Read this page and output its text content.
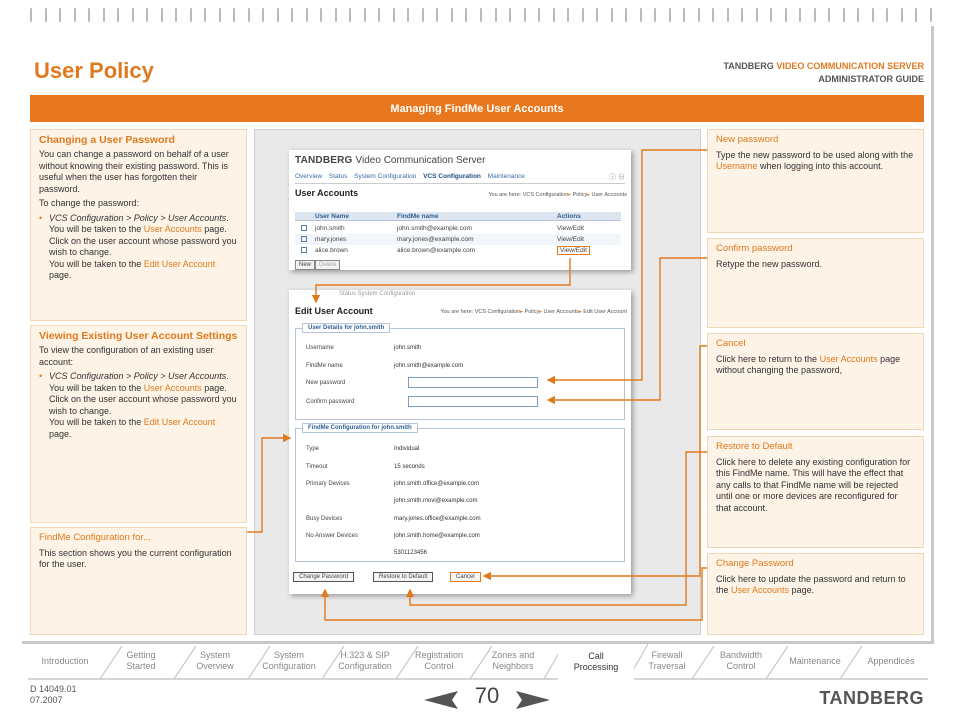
User Policy	TANDBERG VIDEO COMMUNICATION SERVER
ADMINISTRATOR GUIDE
Managing FindMe User Accounts
Changing a User Password

You can change a password on behalf of a user without knowing their existing password. This is useful when the user has forgotten their password.

To change the password:

• VCS Configuration > Policy > User Accounts.
You will be taken to the User Accounts page.
Click on the user account whose password you wish to change.
You will be taken to the Edit User Account page.
Viewing Existing User Account Settings

To view the configuration of an existing user account:

• VCS Configuration > Policy > User Accounts.
You will be taken to the User Accounts page.
Click on the user account whose password you wish to change.
You will be taken to the Edit User Account page.
FindMe Configuration for...

This section shows you the current configuration for the user.

TANDBERG Video Communication Server
Overview Status System Configuration VCS Configuration Maintenance	ⓘ ⊖
User Accounts	You are here: VCS Configuration▸ Policy▸ User Accounts
User Name	FindMe name	Actions
john.smith	john.smith@example.com	View/Edit
mary.jones	mary.jones@example.com	View/Edit
alice.brown	alice.brown@example.com	View/Edit
New	Delete
Status System Configuration
Edit User Account	You are here: VCS Configuration▸ Policy▸ User Accounts▸ Edit User Account
User Details for john.smith
Username	john.smith
FindMe name	john.smith@example.com
New password
Confirm password
FindMe Configuration for john.smith
Type	Individual
Timeout	15 seconds
Primary Devices	john.smith.office@example.com
john.smith.movi@example.com
Busy Devices	mary.jones.office@example.com
No Answer Devices	john.smith.home@example.com
5301123456
Change Password	Restore to Default	Cancel
New password

Type the new password to be used along with the Username when logging into this account.

Confirm password

Retype the new password.

Cancel

Click here to return to the User Accounts page without changing the password,

Restore to Default

Click here to delete any existing configuration for this FindMe name. This will have the effect that any calls to that FindMe name will be rejected until one or more devices are reconfigured for that account.

Change Password

Click here to update the password and return to the User Accounts page.

Introduction

Getting
Started
System
Overview
System
Configuration
H.323 & SIP
Configuration
Registration
Control
Zones and
Neighbors
Call
Processing
Firewall
Traversal
Bandwidth
Control
Maintenance	Appendices

D 14049.01
07.2007	70	TANDBERG
